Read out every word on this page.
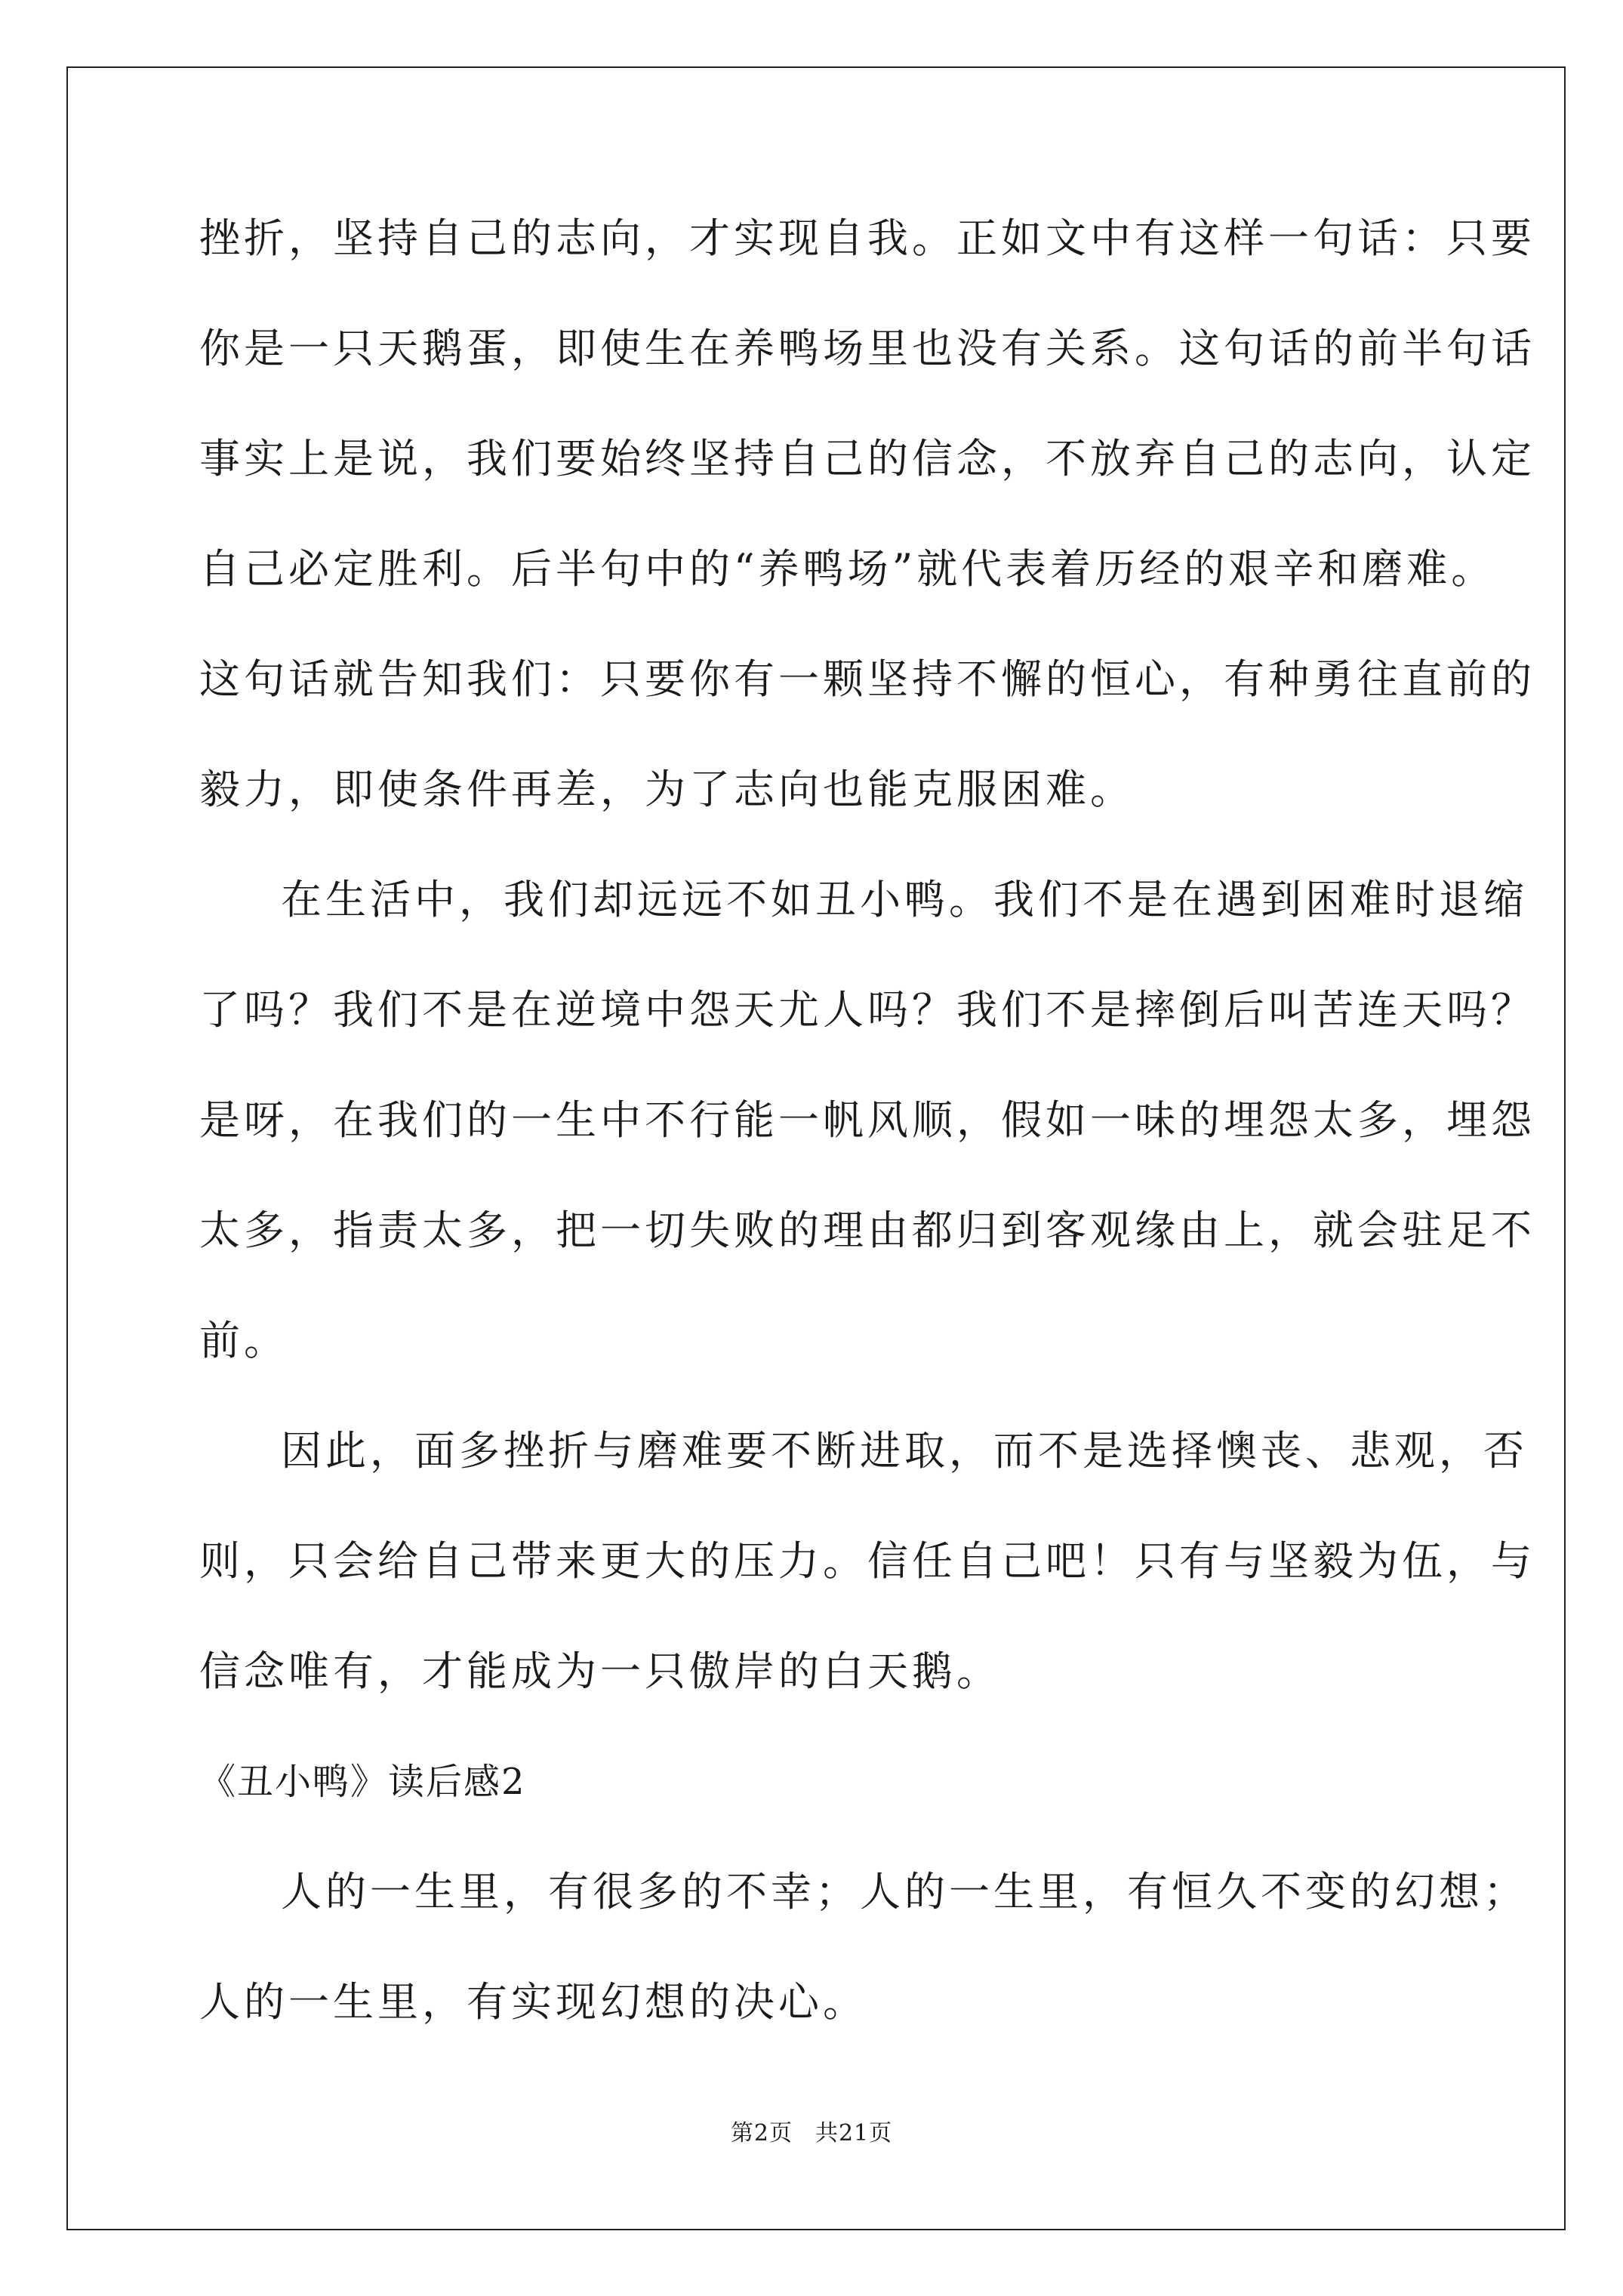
挫折，坚持自己的志向，才实现自我。正如文中有这样一句话：只要
你是一只天鹅蛋，即使生在养鸭场里也没有关系。这句话的前半句话
事实上是说，我们要始终坚持自己的信念，不放弃自己的志向，认定
自己必定胜利。后半句中的“养鸭场”就代表着历经的艰辛和磨难。
这句话就告知我们：只要你有一颗坚持不懈的恒心，有种勇往直前的
毅力，即使条件再差，为了志向也能克服困难。
在生活中，我们却远远不如丑小鸭。我们不是在遇到困难时退缩
了吗？我们不是在逆境中怨天尤人吗？我们不是摔倒后叫苦连天吗？
是呀，在我们的一生中不行能一帆风顺，假如一味的埋怨太多，埋怨
太多，指责太多，把一切失败的理由都归到客观缘由上，就会驻足不
前。
因此，面多挫折与磨难要不断进取，而不是选择懊丧、悲观，否
则，只会给自己带来更大的压力。信任自己吧！只有与坚毅为伍，与
信念唯有，才能成为一只傲岸的白天鹅。
《丑小鸭》读后感2
人的一生里，有很多的不幸；人的一生里，有恒久不变的幻想；
人的一生里，有实现幻想的决心。
第2页 共21页
